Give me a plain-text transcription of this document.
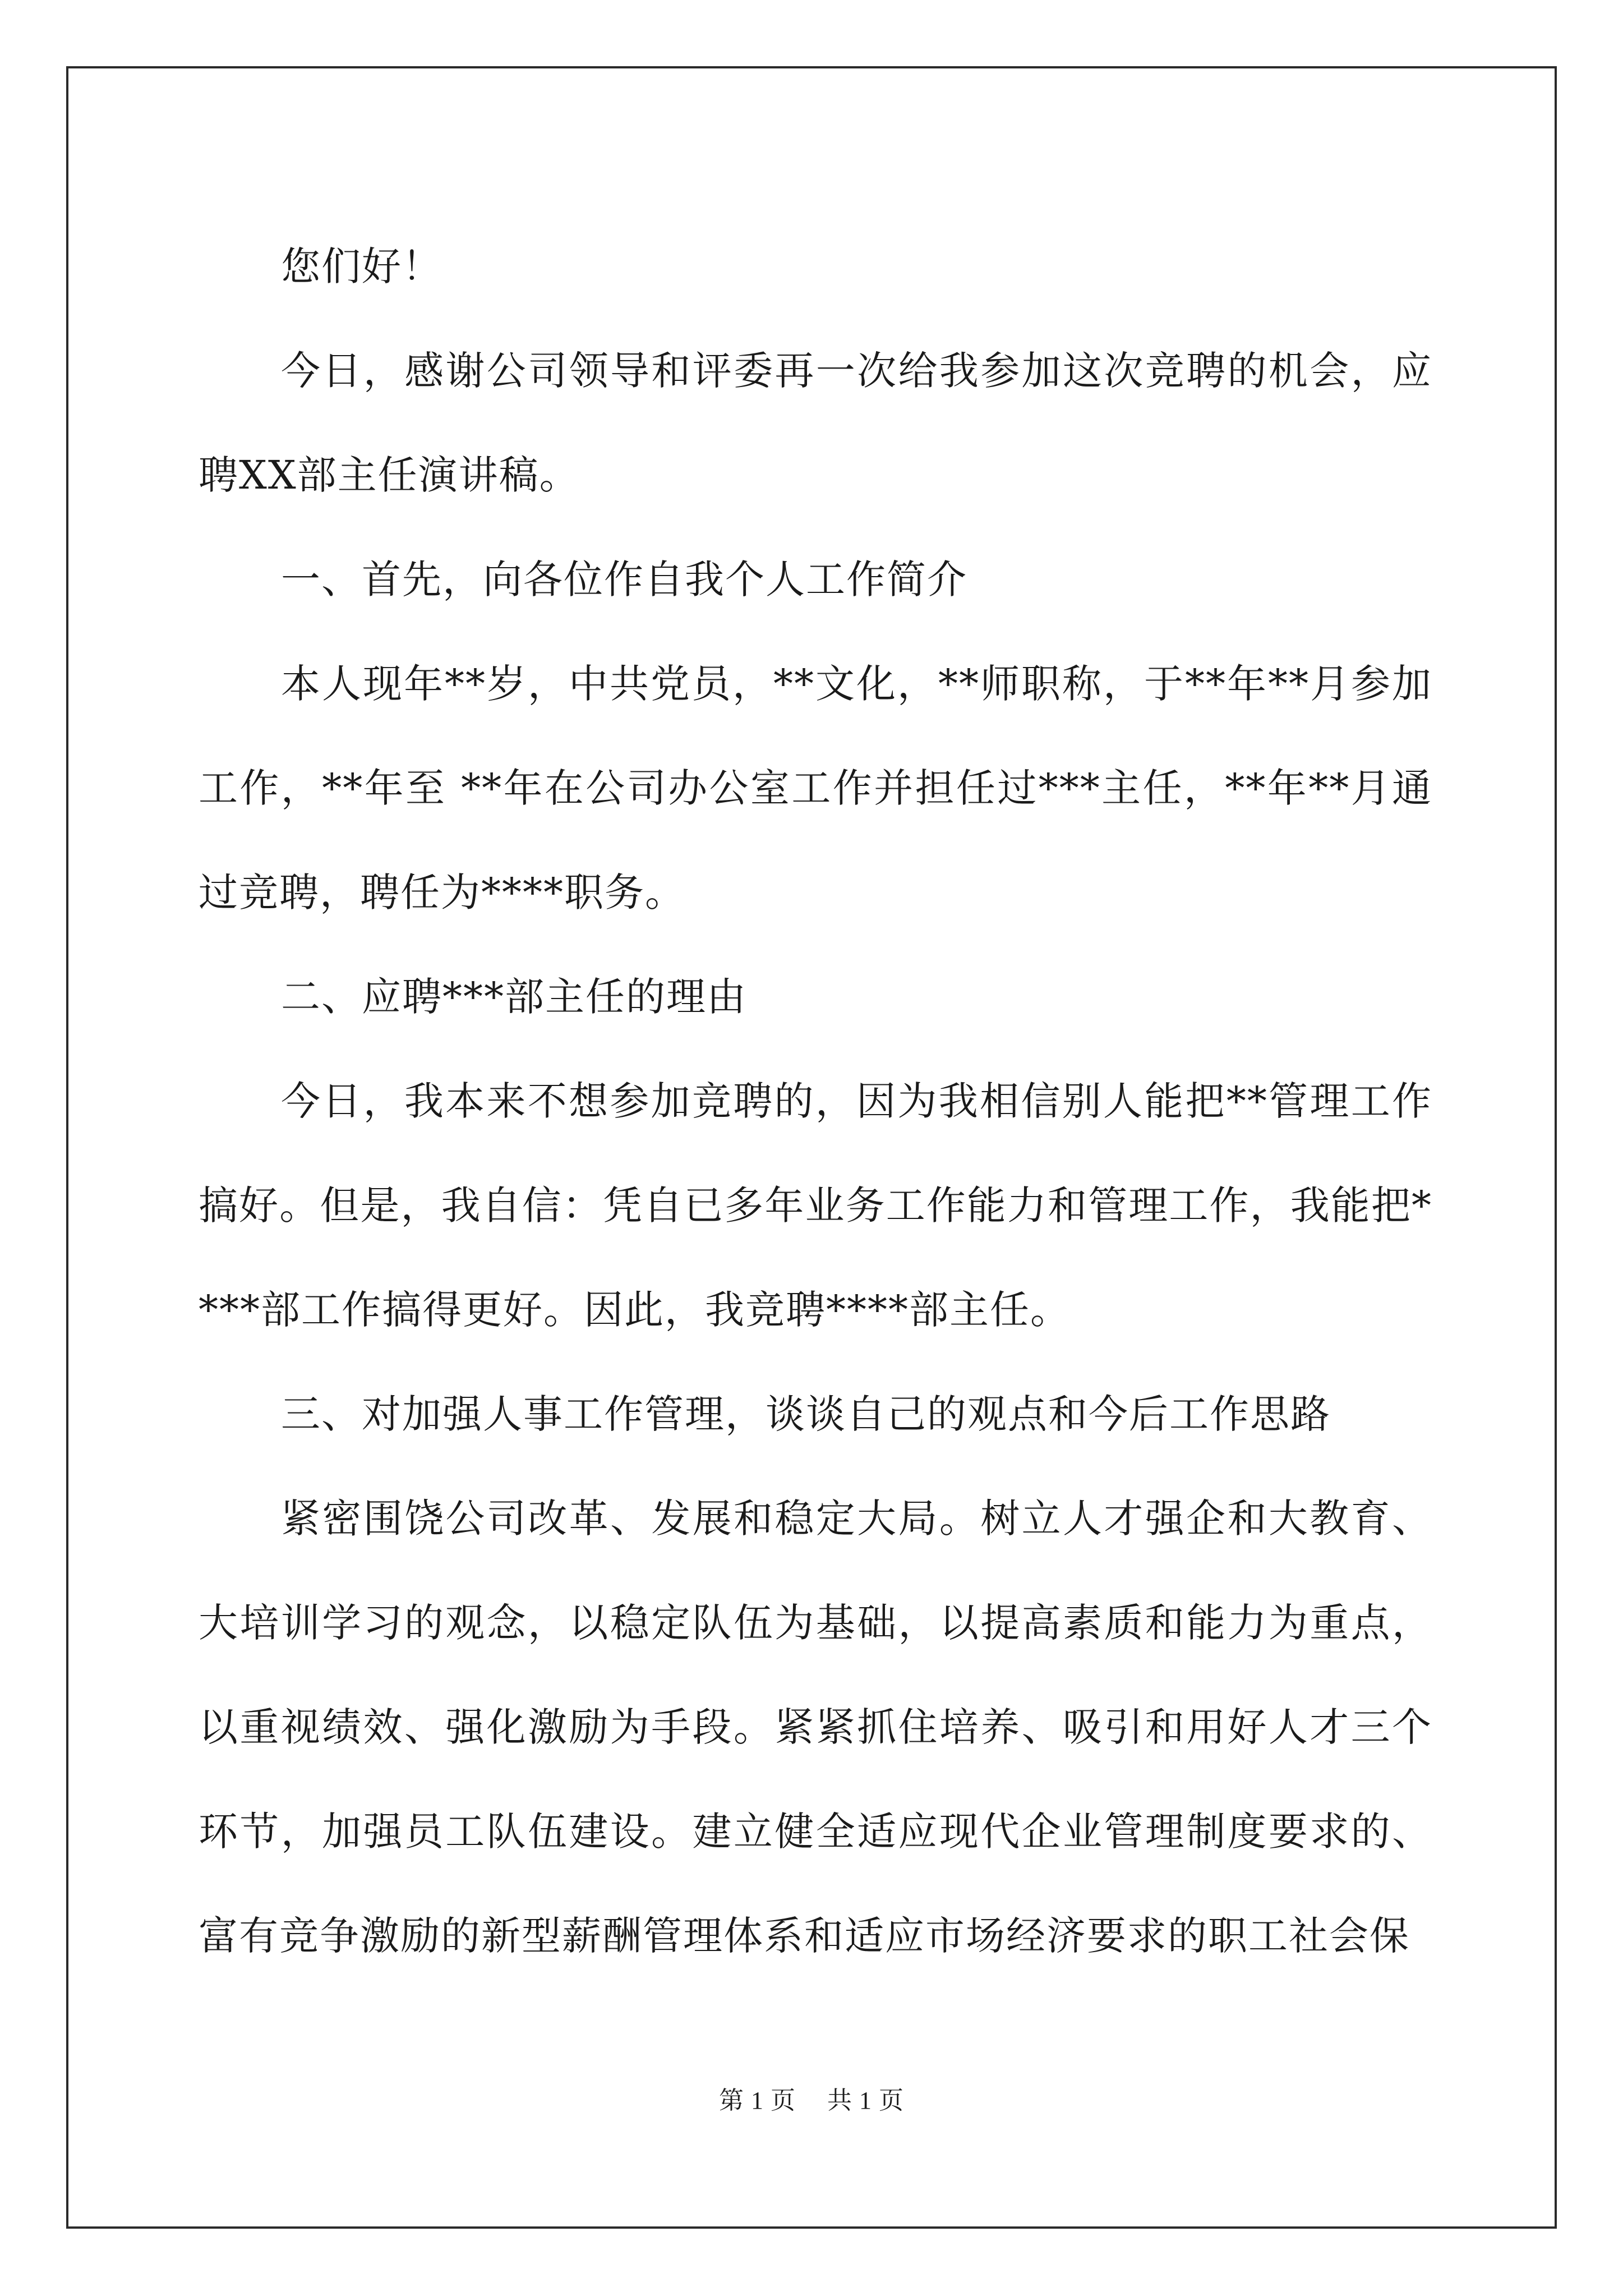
您们好！

今日，感谢公司领导和评委再一次给我参加这次竞聘的机会，应聘XX部主任演讲稿。

一、首先，向各位作自我个人工作简介

本人现年**岁，中共党员，**文化，**师职称，于**年**月参加工作，**年至 **年在公司办公室工作并担任过***主任，**年**月通过竞聘，聘任为****职务。

二、应聘***部主任的理由

今日，我本来不想参加竞聘的，因为我相信别人能把**管理工作搞好。但是，我自信：凭自已多年业务工作能力和管理工作，我能把****部工作搞得更好。因此，我竞聘****部主任。

三、对加强人事工作管理，谈谈自己的观点和今后工作思路

紧密围饶公司改革、发展和稳定大局。树立人才强企和大教育、大培训学习的观念，以稳定队伍为基础，以提高素质和能力为重点，以重视绩效、强化激励为手段。紧紧抓住培养、吸引和用好人才三个环节，加强员工队伍建设。建立健全适应现代企业管理制度要求的、富有竞争激励的新型薪酬管理体系和适应市场经济要求的职工社会保

第 1 页 共 1 页
